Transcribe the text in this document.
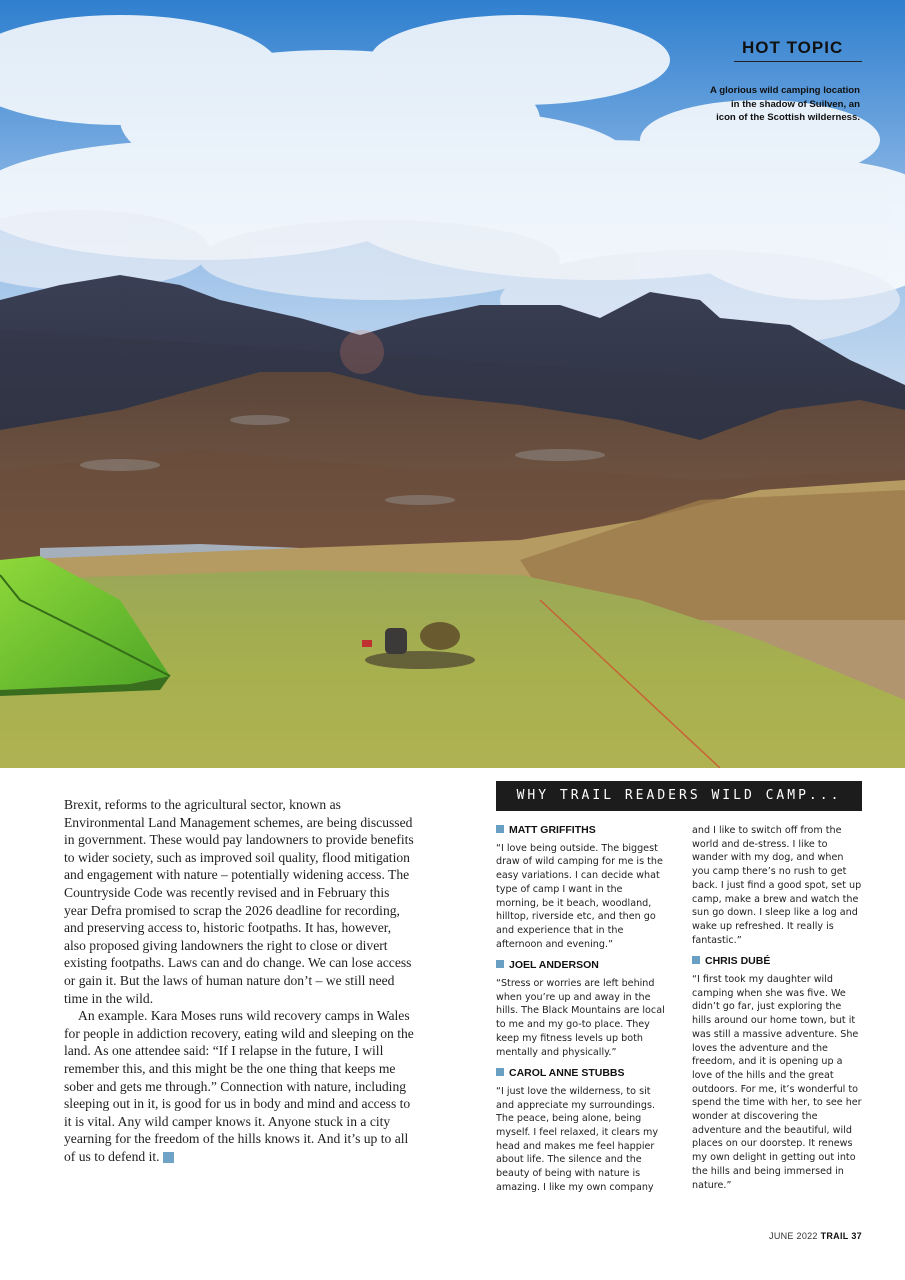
HOT TOPIC
A glorious wild camping location in the shadow of Suilven, an icon of the Scottish wilderness.

Brexit, reforms to the agricultural sector, known as Environmental Land Management schemes, are being discussed in government. These would pay landowners to provide benefits to wider society, such as improved soil quality, flood mitigation and engagement with nature – potentially widening access. The Countryside Code was recently revised and in February this year Defra promised to scrap the 2026 deadline for recording, and preserving access to, historic footpaths. It has, however, also proposed giving landowners the right to close or divert existing footpaths. Laws can and do change. We can lose access or gain it. But the laws of human nature don’t – we still need time in the wild.

An example. Kara Moses runs wild recovery camps in Wales for people in addiction recovery, eating wild and sleeping on the land. As one attendee said: “If I relapse in the future, I will remember this, and this might be the one thing that keeps me sober and gets me through.” Connection with nature, including sleeping out in it, is good for us in body and mind and access to it is vital. Any wild camper knows it. Anyone stuck in a city yearning for the freedom of the hills knows it. And it’s up to all of us to defend it. T

WHY TRAIL READERS WILD CAMP...
MATT GRIFFITHS

“I love being outside. The biggest draw of wild camping for me is the easy variations. I can decide what type of camp I want in the morning, be it beach, woodland, hilltop, riverside etc, and then go and experience that in the afternoon and evening.”

JOEL ANDERSON

“Stress or worries are left behind when you’re up and away in the hills. The Black Mountains are local to me and my go-to place. They keep my fitness levels up both mentally and physically.”

CAROL ANNE STUBBS

“I just love the wilderness, to sit and appreciate my surroundings. The peace, being alone, being myself. I feel relaxed, it clears my head and makes me feel happier about life. The silence and the beauty of being with nature is amazing. I like my own company

and I like to switch off from the world and de-stress. I like to wander with my dog, and when you camp there’s no rush to get back. I just find a good spot, set up camp, make a brew and watch the sun go down. I sleep like a log and wake up refreshed. It really is fantastic.”

CHRIS DUBÉ

“I first took my daughter wild camping when she was five. We didn’t go far, just exploring the hills around our home town, but it was still a massive adventure. She loves the adventure and the freedom, and it is opening up a love of the hills and the great outdoors. For me, it’s wonderful to spend the time with her, to see her wonder at discovering the adventure and the beautiful, wild places on our doorstep. It renews my own delight in getting out into the hills and being immersed in nature.”

JUNE 2022 TRAIL 37
